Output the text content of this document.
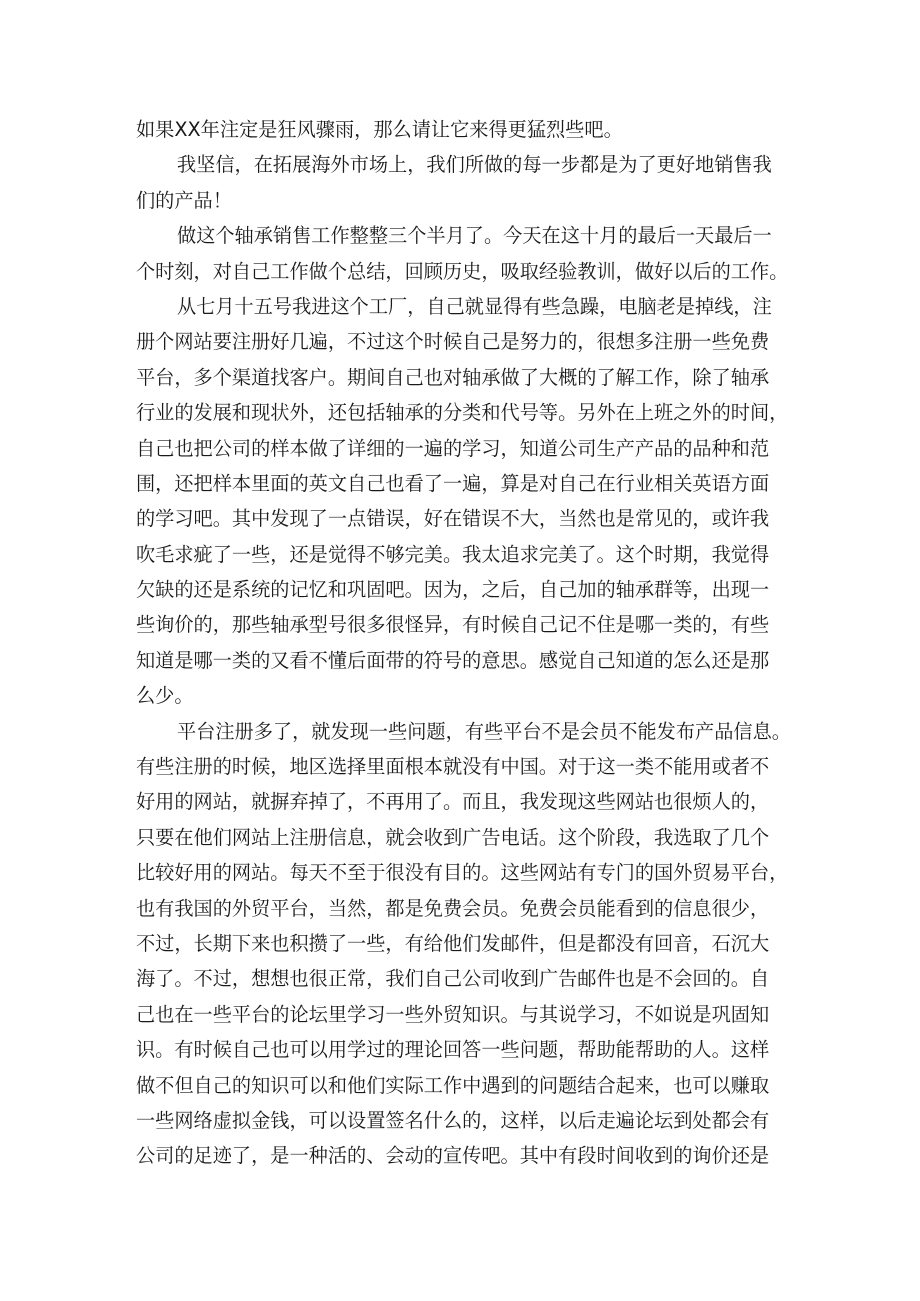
如果XX年注定是狂风骤雨，那么请让它来得更猛烈些吧。
我坚信，在拓展海外市场上，我们所做的每一步都是为了更好地销售我
们的产品！
做这个轴承销售工作整整三个半月了。今天在这十月的最后一天最后一
个时刻，对自己工作做个总结，回顾历史，吸取经验教训，做好以后的工作。
从七月十五号我进这个工厂，自己就显得有些急躁，电脑老是掉线，注
册个网站要注册好几遍，不过这个时候自己是努力的，很想多注册一些免费
平台，多个渠道找客户。期间自己也对轴承做了大概的了解工作，除了轴承
行业的发展和现状外，还包括轴承的分类和代号等。另外在上班之外的时间，
自己也把公司的样本做了详细的一遍的学习，知道公司生产产品的品种和范
围，还把样本里面的英文自己也看了一遍，算是对自己在行业相关英语方面
的学习吧。其中发现了一点错误，好在错误不大，当然也是常见的，或许我
吹毛求疵了一些，还是觉得不够完美。我太追求完美了。这个时期，我觉得
欠缺的还是系统的记忆和巩固吧。因为，之后，自己加的轴承群等，出现一
些询价的，那些轴承型号很多很怪异，有时候自己记不住是哪一类的，有些
知道是哪一类的又看不懂后面带的符号的意思。感觉自己知道的怎么还是那
么少。
平台注册多了，就发现一些问题，有些平台不是会员不能发布产品信息。
有些注册的时候，地区选择里面根本就没有中国。对于这一类不能用或者不
好用的网站，就摒弃掉了，不再用了。而且，我发现这些网站也很烦人的，
只要在他们网站上注册信息，就会收到广告电话。这个阶段，我选取了几个
比较好用的网站。每天不至于很没有目的。这些网站有专门的国外贸易平台，
也有我国的外贸平台，当然，都是免费会员。免费会员能看到的信息很少，
不过，长期下来也积攒了一些，有给他们发邮件，但是都没有回音，石沉大
海了。不过，想想也很正常，我们自己公司收到广告邮件也是不会回的。自
己也在一些平台的论坛里学习一些外贸知识。与其说学习，不如说是巩固知
识。有时候自己也可以用学过的理论回答一些问题，帮助能帮助的人。这样
做不但自己的知识可以和他们实际工作中遇到的问题结合起来，也可以赚取
一些网络虚拟金钱，可以设置签名什么的，这样，以后走遍论坛到处都会有
公司的足迹了，是一种活的、会动的宣传吧。其中有段时间收到的询价还是
